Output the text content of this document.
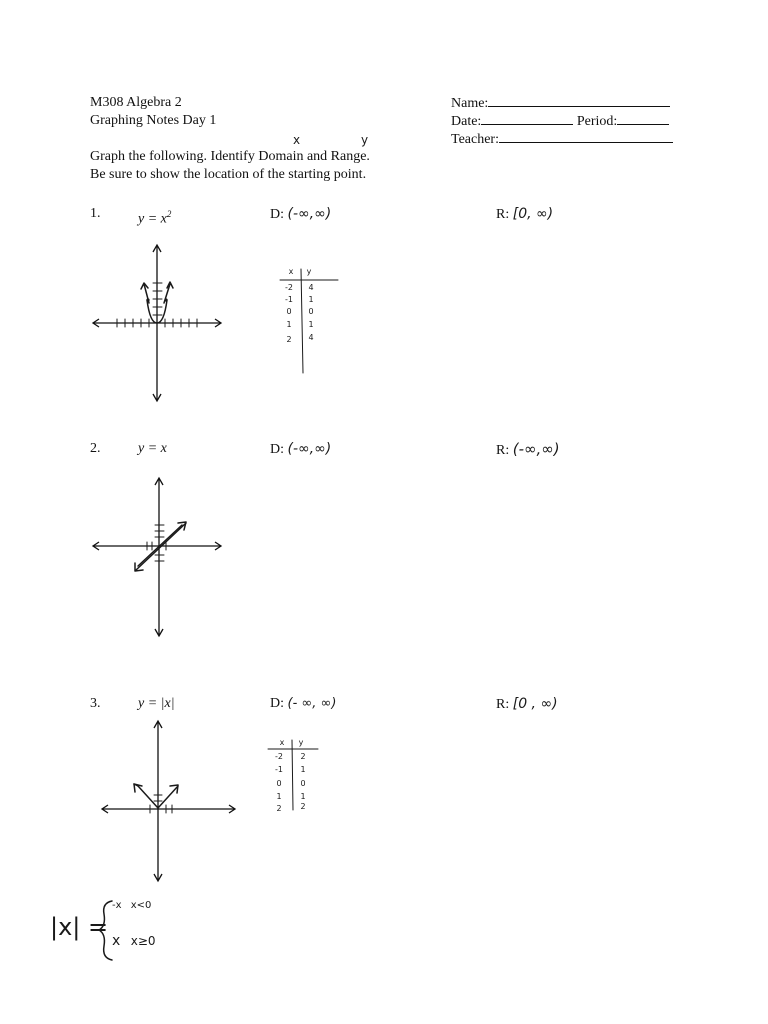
M308 Algebra 2
Graphing Notes Day 1
Name:
Date:	Period:
Teacher:
x	y
Graph the following. Identify Domain and Range.
Be sure to show the location of the starting point.
1.	$y = x^2$	D: (-∞,∞)	R: [0, ∞)
x	y
-2	4
-1	1
0	0
1	1
2	4
2.	y = x	D: (-∞,∞)	R: (-∞,∞)
3.	y = |x|	D: (- ∞, ∞)	R: [0 , ∞)
x	y
-2	2
-1	1
0	0
1	1
2	2
|x| =
-x x<0
x x≥0
